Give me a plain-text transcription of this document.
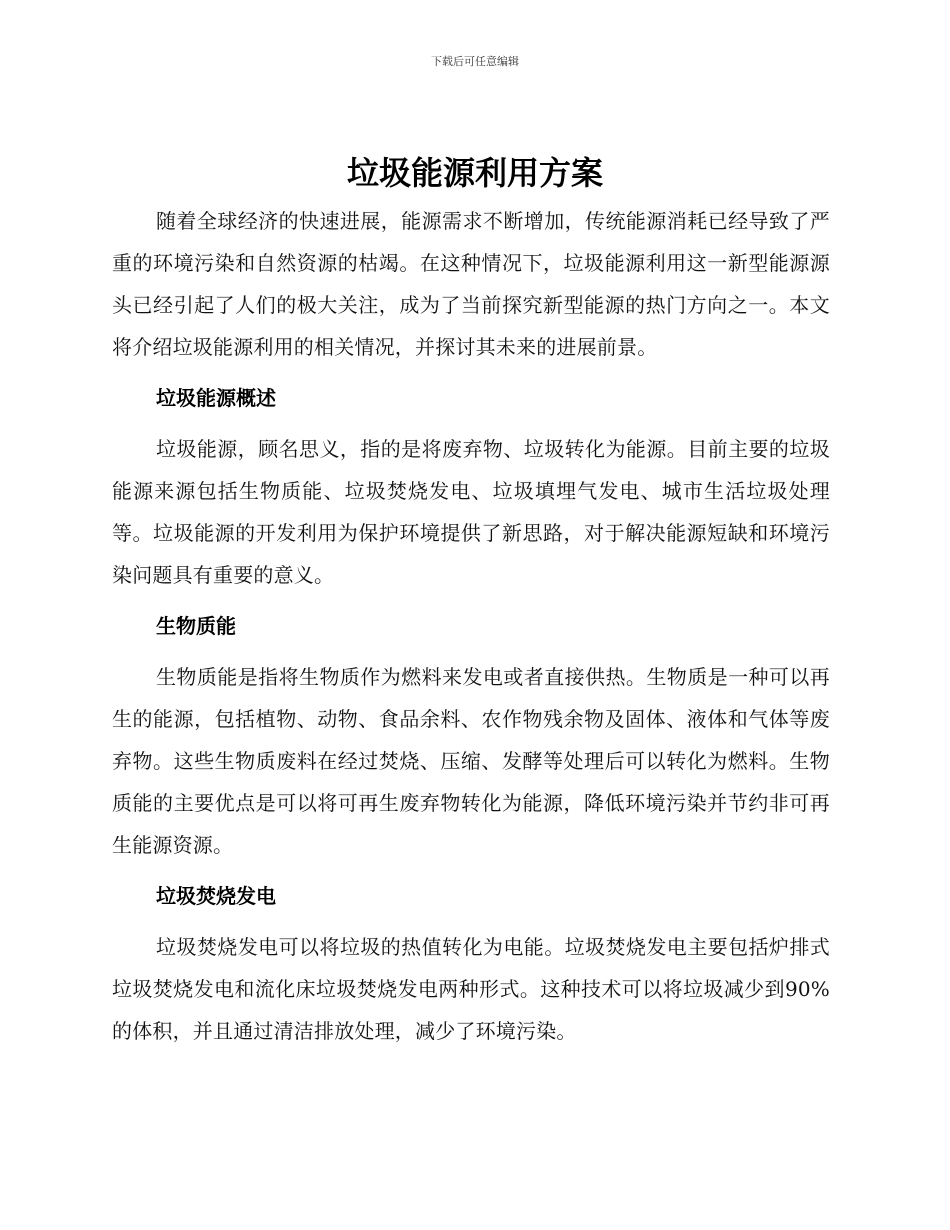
下载后可任意编辑
垃圾能源利用方案

随着全球经济的快速进展，能源需求不断增加，传统能源消耗已经导致了严重的环境污染和自然资源的枯竭。在这种情况下，垃圾能源利用这一新型能源源头已经引起了人们的极大关注，成为了当前探究新型能源的热门方向之一。本文将介绍垃圾能源利用的相关情况，并探讨其未来的进展前景。

垃圾能源概述

垃圾能源，顾名思义，指的是将废弃物、垃圾转化为能源。目前主要的垃圾能源来源包括生物质能、垃圾焚烧发电、垃圾填埋气发电、城市生活垃圾处理等。垃圾能源的开发利用为保护环境提供了新思路，对于解决能源短缺和环境污染问题具有重要的意义。

生物质能

生物质能是指将生物质作为燃料来发电或者直接供热。生物质是一种可以再生的能源，包括植物、动物、食品余料、农作物残余物及固体、液体和气体等废弃物。这些生物质废料在经过焚烧、压缩、发酵等处理后可以转化为燃料。生物质能的主要优点是可以将可再生废弃物转化为能源，降低环境污染并节约非可再生能源资源。

垃圾焚烧发电

垃圾焚烧发电可以将垃圾的热值转化为电能。垃圾焚烧发电主要包括炉排式垃圾焚烧发电和流化床垃圾焚烧发电两种形式。这种技术可以将垃圾减少到90%的体积，并且通过清洁排放处理，减少了环境污染。
